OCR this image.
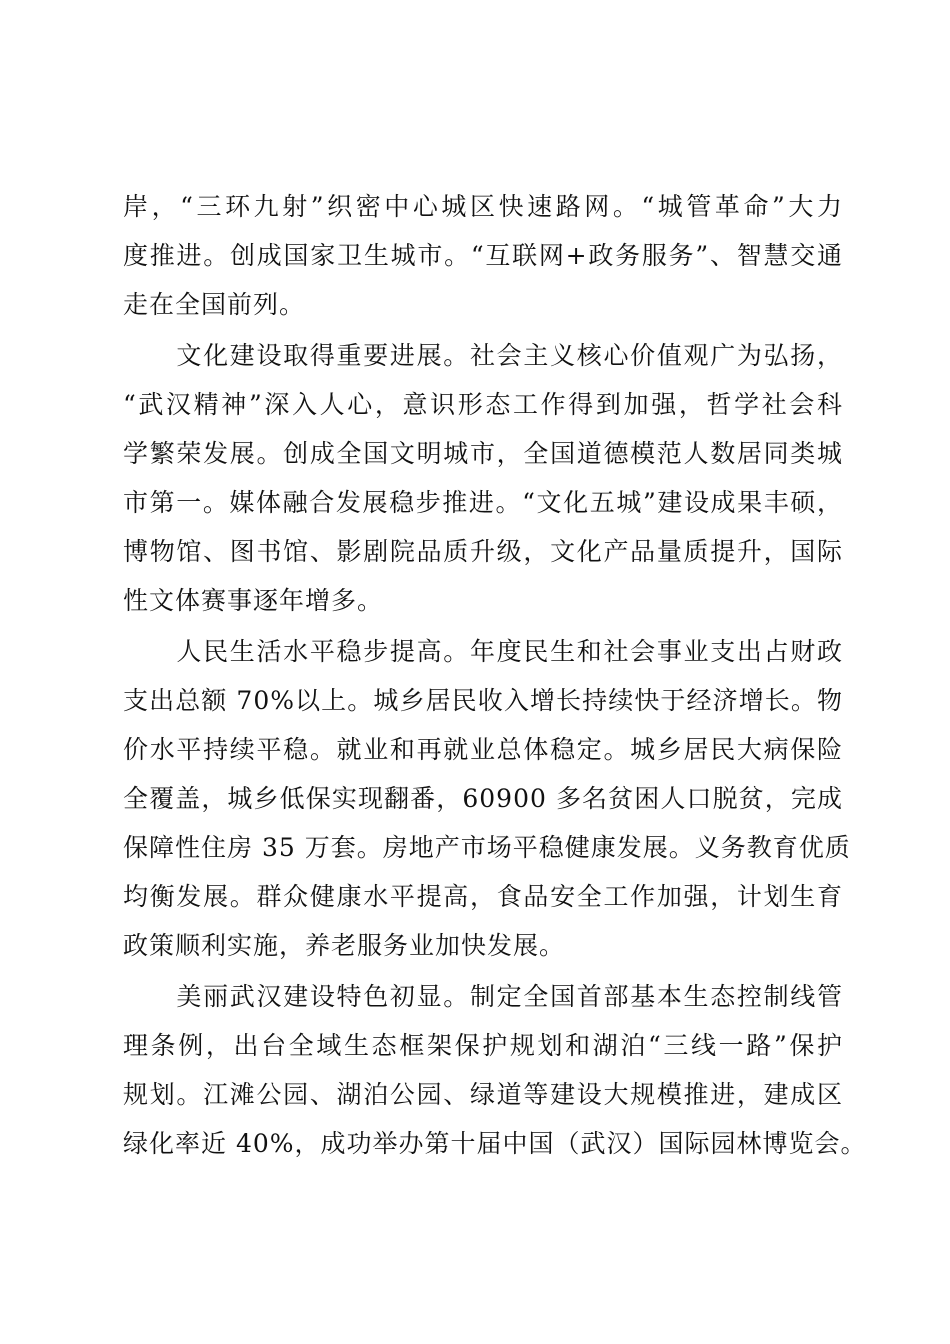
岸，“三环九射”织密中心城区快速路网。“城管革命”大力
度推进。创成国家卫生城市。“互联网+政务服务”、智慧交通
走在全国前列。
　　文化建设取得重要进展。社会主义核心价值观广为弘扬，
“武汉精神”深入人心，意识形态工作得到加强，哲学社会科
学繁荣发展。创成全国文明城市，全国道德模范人数居同类城
市第一。媒体融合发展稳步推进。“文化五城”建设成果丰硕，
博物馆、图书馆、影剧院品质升级，文化产品量质提升，国际
性文体赛事逐年增多。
　　人民生活水平稳步提高。年度民生和社会事业支出占财政
支出总额 70%以上。城乡居民收入增长持续快于经济增长。物
价水平持续平稳。就业和再就业总体稳定。城乡居民大病保险
全覆盖，城乡低保实现翻番，60900 多名贫困人口脱贫，完成
保障性住房 35 万套。房地产市场平稳健康发展。义务教育优质
均衡发展。群众健康水平提高，食品安全工作加强，计划生育
政策顺利实施，养老服务业加快发展。
　　美丽武汉建设特色初显。制定全国首部基本生态控制线管
理条例，出台全域生态框架保护规划和湖泊“三线一路”保护
规划。江滩公园、湖泊公园、绿道等建设大规模推进，建成区
绿化率近 40%，成功举办第十届中国（武汉）国际园林博览会。
